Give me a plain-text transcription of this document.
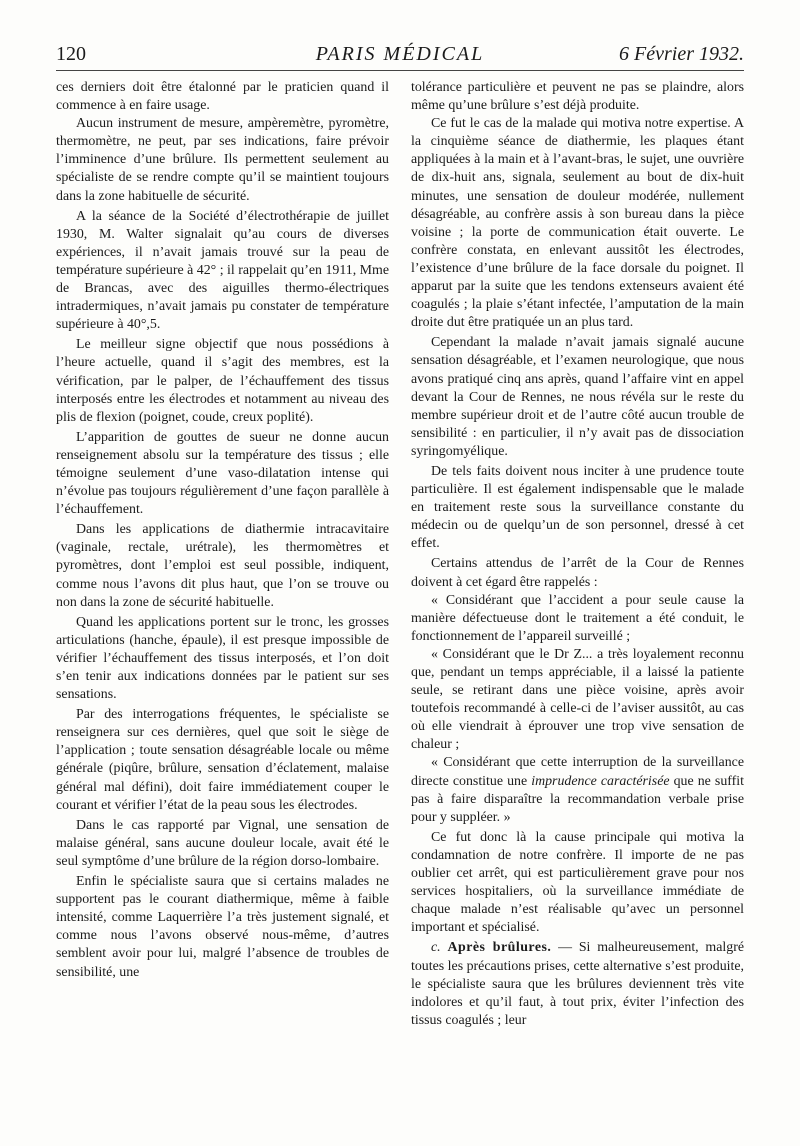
120	PARIS MÉDICAL	6 Février 1932.

ces derniers doit être étalonné par le praticien quand il commence à en faire usage.

Aucun instrument de mesure, ampèremètre, pyromètre, thermomètre, ne peut, par ses indications, faire prévoir l’imminence d’une brûlure. Ils permettent seulement au spécialiste de se rendre compte qu’il se maintient toujours dans la zone habituelle de sécurité.

A la séance de la Société d’électrothérapie de juillet 1930, M. Walter signalait qu’au cours de diverses expériences, il n’avait jamais trouvé sur la peau de température supérieure à 42° ; il rappelait qu’en 1911, Mme de Brancas, avec des aiguilles thermo-électriques intradermiques, n’avait jamais pu constater de température supérieure à 40°,5.

Le meilleur signe objectif que nous possédions à l’heure actuelle, quand il s’agit des membres, est la vérification, par le palper, de l’échauffement des tissus interposés entre les électrodes et notamment au niveau des plis de flexion (poignet, coude, creux poplité).

L’apparition de gouttes de sueur ne donne aucun renseignement absolu sur la température des tissus ; elle témoigne seulement d’une vaso-dilatation intense qui n’évolue pas toujours régulièrement d’une façon parallèle à l’échauffement.

Dans les applications de diathermie intracavitaire (vaginale, rectale, urétrale), les thermomètres et pyromètres, dont l’emploi est seul possible, indiquent, comme nous l’avons dit plus haut, que l’on se trouve ou non dans la zone de sécurité habituelle.

Quand les applications portent sur le tronc, les grosses articulations (hanche, épaule), il est presque impossible de vérifier l’échauffement des tissus interposés, et l’on doit s’en tenir aux indications données par le patient sur ses sensations.

Par des interrogations fréquentes, le spécialiste se renseignera sur ces dernières, quel que soit le siège de l’application ; toute sensation désagréable locale ou même générale (piqûre, brûlure, sensation d’éclatement, malaise général mal défini), doit faire immédiatement couper le courant et vérifier l’état de la peau sous les électrodes.

Dans le cas rapporté par Vignal, une sensation de malaise général, sans aucune douleur locale, avait été le seul symptôme d’une brûlure de la région dorso-lombaire.

Enfin le spécialiste saura que si certains malades ne supportent pas le courant diathermique, même à faible intensité, comme Laquerrière l’a très justement signalé, et comme nous l’avons observé nous-même, d’autres semblent avoir pour lui, malgré l’absence de troubles de sensibilité, une

tolérance particulière et peuvent ne pas se plaindre, alors même qu’une brûlure s’est déjà produite.

Ce fut le cas de la malade qui motiva notre expertise. A la cinquième séance de diathermie, les plaques étant appliquées à la main et à l’avant-bras, le sujet, une ouvrière de dix-huit ans, signala, seulement au bout de dix-huit minutes, une sensation de douleur modérée, nullement désagréable, au confrère assis à son bureau dans la pièce voisine ; la porte de communication était ouverte. Le confrère constata, en enlevant aussitôt les électrodes, l’existence d’une brûlure de la face dorsale du poignet. Il apparut par la suite que les tendons extenseurs avaient été coagulés ; la plaie s’étant infectée, l’amputation de la main droite dut être pratiquée un an plus tard.

Cependant la malade n’avait jamais signalé aucune sensation désagréable, et l’examen neurologique, que nous avons pratiqué cinq ans après, quand l’affaire vint en appel devant la Cour de Rennes, ne nous révéla sur le reste du membre supérieur droit et de l’autre côté aucun trouble de sensibilité : en particulier, il n’y avait pas de dissociation syringomyélique.

De tels faits doivent nous inciter à une prudence toute particulière. Il est également indispensable que le malade en traitement reste sous la surveillance constante du médecin ou de quelqu’un de son personnel, dressé à cet effet.

Certains attendus de l’arrêt de la Cour de Rennes doivent à cet égard être rappelés :

« Considérant que l’accident a pour seule cause la manière défectueuse dont le traitement a été conduit, le fonctionnement de l’appareil surveillé ;

« Considérant que le Dr Z... a très loyalement reconnu que, pendant un temps appréciable, il a laissé la patiente seule, se retirant dans une pièce voisine, après avoir toutefois recommandé à celle-ci de l’aviser aussitôt, au cas où elle viendrait à éprouver une trop vive sensation de chaleur ;

« Considérant que cette interruption de la surveillance directe constitue une imprudence caractérisée que ne suffit pas à faire disparaître la recommandation verbale prise pour y suppléer. »

Ce fut donc là la cause principale qui motiva la condamnation de notre confrère. Il importe de ne pas oublier cet arrêt, qui est particulièrement grave pour nos services hospitaliers, où la surveillance immédiate de chaque malade n’est réalisable qu’avec un personnel important et spécialisé.

c. Après brûlures. — Si malheureusement, malgré toutes les précautions prises, cette alternative s’est produite, le spécialiste saura que les brûlures deviennent très vite indolores et qu’il faut, à tout prix, éviter l’infection des tissus coagulés ; leur
